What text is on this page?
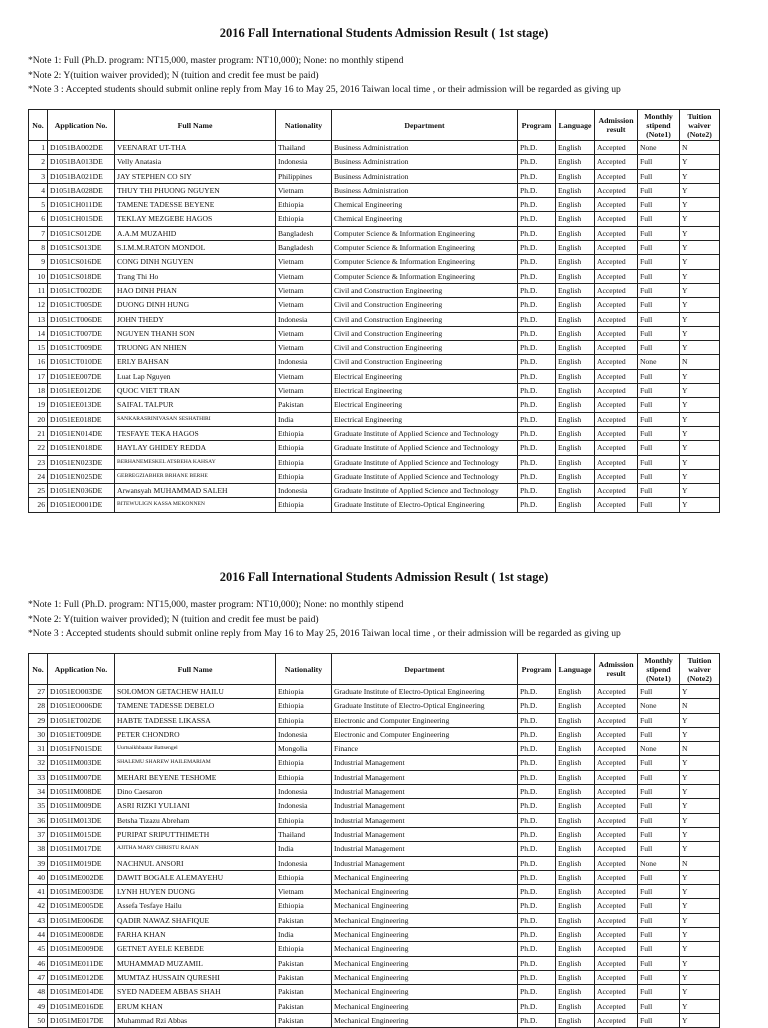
2016 Fall International Students Admission Result ( 1st stage)
*Note 1: Full (Ph.D. program: NT15,000, master program: NT10,000); None: no monthly stipend
*Note 2: Y(tuition waiver provided); N (tuition and credit fee must be paid)
*Note 3 : Accepted students should submit online reply from May 16 to May 25, 2016 Taiwan local time , or their admission will be regarded as giving up
No.	Application No.	Full Name	Nationality	Department	Program	Language	Admission
result	Monthly
stipend
(Note1)	Tuition
waiver
(Note2)
1	D1051BA002DE	VEENARAT UT-THA	Thailand	Business Administration	Ph.D.	English	Accepted	None	N
2	D1051BA013DE	Velly Anatasia	Indonesia	Business Administration	Ph.D.	English	Accepted	Full	Y
3	D1051BA021DE	JAY STEPHEN CO SIY	Philippines	Business Administration	Ph.D.	English	Accepted	Full	Y
4	D1051BA028DE	THUY THI PHUONG NGUYEN	Vietnam	Business Administration	Ph.D.	English	Accepted	Full	Y
5	D1051CH011DE	TAMENE TADESSE BEYENE	Ethiopia	Chemical Engineering	Ph.D.	English	Accepted	Full	Y
6	D1051CH015DE	TEKLAY MEZGEBE HAGOS	Ethiopia	Chemical Engineering	Ph.D.	English	Accepted	Full	Y
7	D1051CS012DE	A.A.M MUZAHID	Bangladesh	Computer Science & Information Engineering	Ph.D.	English	Accepted	Full	Y
8	D1051CS013DE	S.I.M.M.RATON MONDOL	Bangladesh	Computer Science & Information Engineering	Ph.D.	English	Accepted	Full	Y
9	D1051CS016DE	CONG DINH NGUYEN	Vietnam	Computer Science & Information Engineering	Ph.D.	English	Accepted	Full	Y
10	D1051CS018DE	Trang Thi Ho	Vietnam	Computer Science & Information Engineering	Ph.D.	English	Accepted	Full	Y
11	D1051CT002DE	HAO DINH PHAN	Vietnam	Civil and Construction Engineering	Ph.D.	English	Accepted	Full	Y
12	D1051CT005DE	DUONG DINH HUNG	Vietnam	Civil and Construction Engineering	Ph.D.	English	Accepted	Full	Y
13	D1051CT006DE	JOHN THEDY	Indonesia	Civil and Construction Engineering	Ph.D.	English	Accepted	Full	Y
14	D1051CT007DE	NGUYEN THANH SON	Vietnam	Civil and Construction Engineering	Ph.D.	English	Accepted	Full	Y
15	D1051CT009DE	TRUONG AN NHIEN	Vietnam	Civil and Construction Engineering	Ph.D.	English	Accepted	Full	Y
16	D1051CT010DE	ERLY BAHSAN	Indonesia	Civil and Construction Engineering	Ph.D.	English	Accepted	None	N
17	D1051EE007DE	Luat Lap Nguyen	Vietnam	Electrical Engineering	Ph.D.	English	Accepted	Full	Y
18	D1051EE012DE	QUOC VIET TRAN	Vietnam	Electrical Engineering	Ph.D.	English	Accepted	Full	Y
19	D1051EE013DE	SAIFAL TALPUR	Pakistan	Electrical Engineering	Ph.D.	English	Accepted	Full	Y
20	D1051EE018DE	SANKARASRINIVASAN SESHATHIRI	India	Electrical Engineering	Ph.D.	English	Accepted	Full	Y
21	D1051EN014DE	TESFAYE TEKA HAGOS	Ethiopia	Graduate Institute of Applied Science and Technology	Ph.D.	English	Accepted	Full	Y
22	D1051EN018DE	HAYLAY GHIDEY REDDA	Ethiopia	Graduate Institute of Applied Science and Technology	Ph.D.	English	Accepted	Full	Y
23	D1051EN023DE	BERHANEMESKEL ATSBEHA KAHSAY	Ethiopia	Graduate Institute of Applied Science and Technology	Ph.D.	English	Accepted	Full	Y
24	D1051EN025DE	GEBREGZIABHER BRHANE BERHE	Ethiopia	Graduate Institute of Applied Science and Technology	Ph.D.	English	Accepted	Full	Y
25	D1051EN036DE	Arwansyah MUHAMMAD SALEH	Indonesia	Graduate Institute of Applied Science and Technology	Ph.D.	English	Accepted	Full	Y
26	D1051EO001DE	BITEWULIGN KASSA MEKONNEN	Ethiopia	Graduate Institute of Electro-Optical Engineering	Ph.D.	English	Accepted	Full	Y
2016 Fall International Students Admission Result ( 1st stage)
*Note 1: Full (Ph.D. program: NT15,000, master program: NT10,000); None: no monthly stipend
*Note 2: Y(tuition waiver provided); N (tuition and credit fee must be paid)
*Note 3 : Accepted students should submit online reply from May 16 to May 25, 2016 Taiwan local time , or their admission will be regarded as giving up
No.	Application No.	Full Name	Nationality	Department	Program	Language	Admission
result	Monthly
stipend
(Note1)	Tuition
waiver
(Note2)
27	D1051EO003DE	SOLOMON GETACHEW HAILU	Ethiopia	Graduate Institute of Electro-Optical Engineering	Ph.D.	English	Accepted	Full	Y
28	D1051EO006DE	TAMENE TADESSE DEBELO	Ethiopia	Graduate Institute of Electro-Optical Engineering	Ph.D.	English	Accepted	None	N
29	D1051ET002DE	HABTE TADESSE LIKASSA	Ethiopia	Electronic and Computer Engineering	Ph.D.	English	Accepted	Full	Y
30	D1051ET009DE	PETER CHONDRO	Indonesia	Electronic and Computer Engineering	Ph.D.	English	Accepted	Full	Y
31	D1051FN015DE	Uurtsaikhbaatar Battsengel	Mongolia	Finance	Ph.D.	English	Accepted	None	N
32	D1051IM003DE	SHALEMU SHAREW HAILEMARIAM	Ethiopia	Industrial Management	Ph.D.	English	Accepted	Full	Y
33	D1051IM007DE	MEHARI BEYENE TESHOME	Ethiopia	Industrial Management	Ph.D.	English	Accepted	Full	Y
34	D1051IM008DE	Dino Caesaron	Indonesia	Industrial Management	Ph.D.	English	Accepted	Full	Y
35	D1051IM009DE	ASRI RIZKI YULIANI	Indonesia	Industrial Management	Ph.D.	English	Accepted	Full	Y
36	D1051IM013DE	Betsha Tizazu Abreham	Ethiopia	Industrial Management	Ph.D.	English	Accepted	Full	Y
37	D1051IM015DE	PURIPAT SRIPUTTHIMETH	Thailand	Industrial Management	Ph.D.	English	Accepted	Full	Y
38	D1051IM017DE	AJITHA MARY CHRISTU RAJAN	India	Industrial Management	Ph.D.	English	Accepted	Full	Y
39	D1051IM019DE	NACHNUL ANSORI	Indonesia	Industrial Management	Ph.D.	English	Accepted	None	N
40	D1051ME002DE	DAWIT BOGALE ALEMAYEHU	Ethiopia	Mechanical Engineering	Ph.D.	English	Accepted	Full	Y
41	D1051ME003DE	LYNH HUYEN DUONG	Vietnam	Mechanical Engineering	Ph.D.	English	Accepted	Full	Y
42	D1051ME005DE	Assefa Tesfaye Hailu	Ethiopia	Mechanical Engineering	Ph.D.	English	Accepted	Full	Y
43	D1051ME006DE	QADIR NAWAZ SHAFIQUE	Pakistan	Mechanical Engineering	Ph.D.	English	Accepted	Full	Y
44	D1051ME008DE	FARHA KHAN	India	Mechanical Engineering	Ph.D.	English	Accepted	Full	Y
45	D1051ME009DE	GETNET AYELE KEBEDE	Ethiopia	Mechanical Engineering	Ph.D.	English	Accepted	Full	Y
46	D1051ME011DE	MUHAMMAD MUZAMIL	Pakistan	Mechanical Engineering	Ph.D.	English	Accepted	Full	Y
47	D1051ME012DE	MUMTAZ HUSSAIN QURESHI	Pakistan	Mechanical Engineering	Ph.D.	English	Accepted	Full	Y
48	D1051ME014DE	SYED NADEEM ABBAS SHAH	Pakistan	Mechanical Engineering	Ph.D.	English	Accepted	Full	Y
49	D1051ME016DE	ERUM KHAN	Pakistan	Mechanical Engineering	Ph.D.	English	Accepted	Full	Y
50	D1051ME017DE	Muhammad Rzi Abbas	Pakistan	Mechanical Engineering	Ph.D.	English	Accepted	Full	Y
